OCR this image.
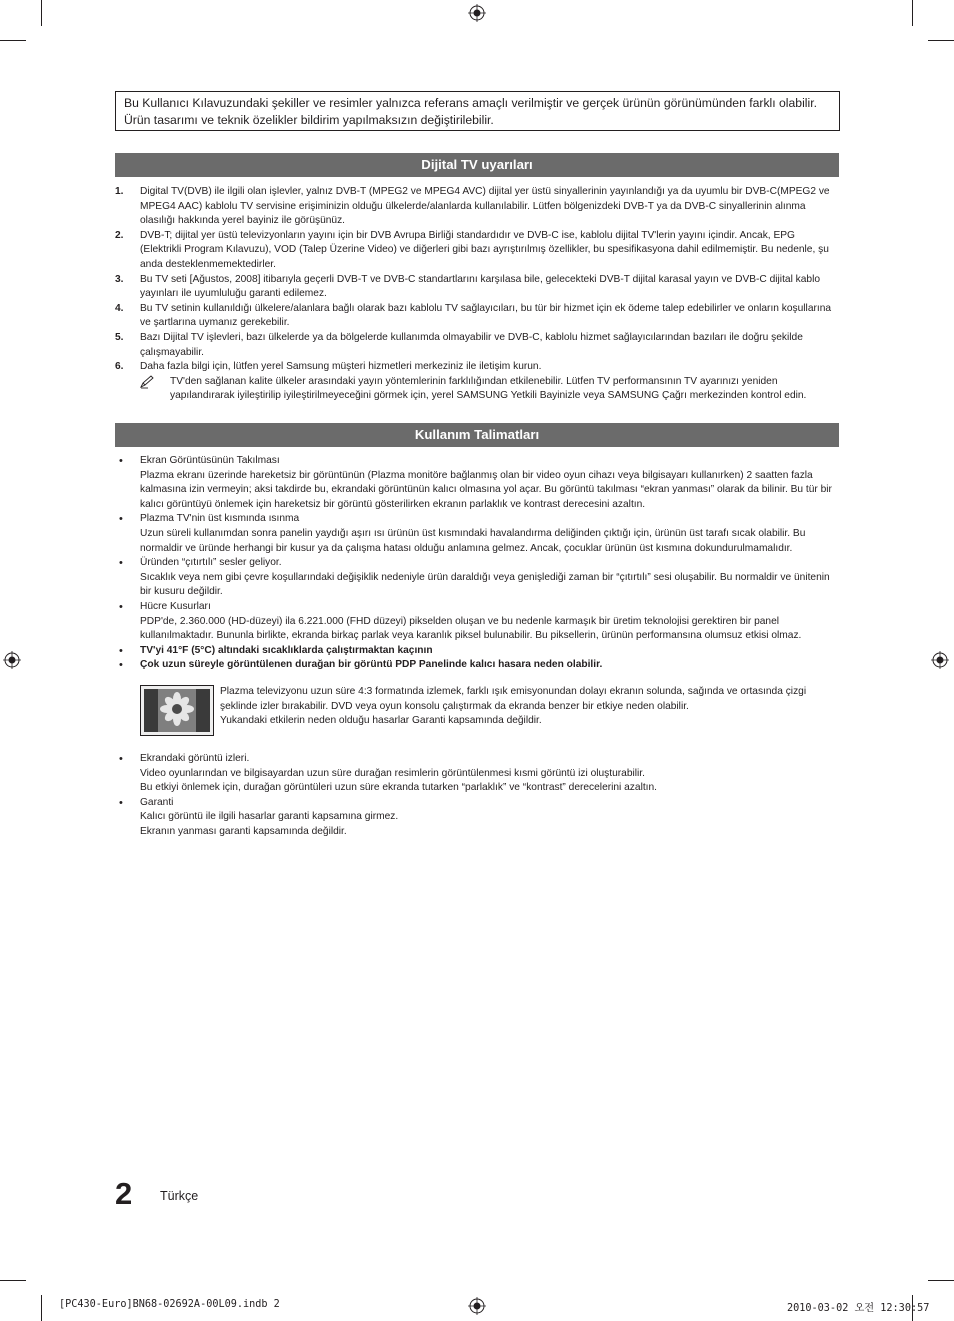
Bu Kullanıcı Kılavuzundaki şekiller ve resimler yalnızca referans amaçlı verilmiştir ve gerçek ürünün görünümünden farklı olabilir. Ürün tasarımı ve teknik özelikler bildirim yapılmaksızın değiştirilebilir.
Dijital TV uyarıları
1. Digital TV(DVB) ile ilgili olan işlevler, yalnız DVB-T (MPEG2 ve MPEG4 AVC) dijital yer üstü sinyallerinin yayınlandığı ya da uyumlu bir DVB-C(MPEG2 ve MPEG4 AAC) kablolu TV servisine erişiminizin olduğu ülkelerde/alanlarda kullanılabilir. Lütfen bölgenizdeki DVB-T ya da DVB-C sinyallerinin alınma olasılığı hakkında yerel bayiniz ile görüşünüz.
2. DVB-T; dijital yer üstü televizyonların yayını için bir DVB Avrupa Birliği standardıdır ve DVB-C ise, kablolu dijital TV'lerin yayını içindir. Ancak, EPG (Elektrikli Program Kılavuzu), VOD (Talep Üzerine Video) ve diğerleri gibi bazı ayrıştırılmış özellikler, bu spesifikasyona dahil edilmemiştir. Bu nedenle, şu anda desteklenmemektedirler.
3. Bu TV seti [Ağustos, 2008] itibarıyla geçerli DVB-T ve DVB-C standartlarını karşılasa bile, gelecekteki DVB-T dijital karasal yayın ve DVB-C dijital kablo yayınları ile uyumluluğu garanti edilemez.
4. Bu TV setinin kullanıldığı ülkelere/alanlara bağlı olarak bazı kablolu TV sağlayıcıları, bu tür bir hizmet için ek ödeme talep edebilirler ve onların koşullarına ve şartlarına uymanız gerekebilir.
5. Bazı Dijital TV işlevleri, bazı ülkelerde ya da bölgelerde kullanımda olmayabilir ve DVB-C, kablolu hizmet sağlayıcılarından bazıları ile doğru şekilde çalışmayabilir.
6. Daha fazla bilgi için, lütfen yerel Samsung müşteri hizmetleri merkeziniz ile iletişim kurun.
TV'den sağlanan kalite ülkeler arasındaki yayın yöntemlerinin farklılığından etkilenebilir. Lütfen TV performansının TV ayarınızı yeniden yapılandırarak iyileştirilip iyileştirilmeyeceğini görmek için, yerel SAMSUNG Yetkili Bayinizle veya SAMSUNG Çağrı merkezinden kontrol edin.
Kullanım Talimatları
• Ekran Görüntüsünün Takılması
Plazma ekranı üzerinde hareketsiz bir görüntünün (Plazma monitöre bağlanmış olan bir video oyun cihazı veya bilgisayarı kullanırken) 2 saatten fazla kalmasına izin vermeyin; aksi takdirde bu, ekrandaki görüntünün kalıcı olmasına yol açar. Bu görüntü takılması “ekran yanması” olarak da bilinir. Bu tür bir kalıcı görüntüyü önlemek için hareketsiz bir görüntü gösterilirken ekranın parlaklık ve kontrast derecesini azaltın.
• Plazma TV'nin üst kısmında ısınma
Uzun süreli kullanımdan sonra panelin yaydığı aşırı ısı ürünün üst kısmındaki havalandırma deliğinden çıktığı için, ürünün üst tarafı sıcak olabilir. Bu normaldir ve üründe herhangi bir kusur ya da çalışma hatası olduğu anlamına gelmez. Ancak, çocuklar ürünün üst kısmına dokundurulmamalıdır.
• Üründen “çıtırtılı” sesler geliyor.
Sıcaklık veya nem gibi çevre koşullarındaki değişiklik nedeniyle ürün daraldığı veya genişlediği zaman bir “çıtırtılı” sesi oluşabilir. Bu normaldir ve ünitenin bir kusuru değildir.
• Hücre Kusurları
PDP'de, 2.360.000 (HD-düzeyi) ila 6.221.000 (FHD düzeyi) pikselden oluşan ve bu nedenle karmaşık bir üretim teknolojisi gerektiren bir panel kullanılmaktadır. Bununla birlikte, ekranda birkaç parlak veya karanlık piksel bulunabilir. Bu piksellerin, ürünün performansına olumsuz etkisi olmaz.
• TV'yi 41°F (5°C) altındaki sıcaklıklarda çalıştırmaktan kaçının
• Çok uzun süreyle görüntülenen durağan bir görüntü PDP Panelinde kalıcı hasara neden olabilir.
Plazma televizyonu uzun süre 4:3 formatında izlemek, farklı ışık emisyonundan dolayı ekranın solunda, sağında ve ortasında çizgi şeklinde izler bırakabilir. DVD veya oyun konsolu çalıştırmak da ekranda benzer bir etkiye neden olabilir.
Yukandaki etkilerin neden olduğu hasarlar Garanti kapsamında değildir.
• Ekrandaki görüntü izleri.
Video oyunlarından ve bilgisayardan uzun süre durağan resimlerin görüntülenmesi kısmi görüntü izi oluşturabilir.
Bu etkiyi önlemek için, durağan görüntüleri uzun süre ekranda tutarken “parlaklık” ve “kontrast” derecelerini azaltın.
• Garanti
Kalıcı görüntü ile ilgili hasarlar garanti kapsamına girmez.
Ekranın yanması garanti kapsamında değildir.
2 Türkçe
[PC430-Euro]BN68-02692A-00L09.indb 2	2010-03-02 오전 12:30:57
